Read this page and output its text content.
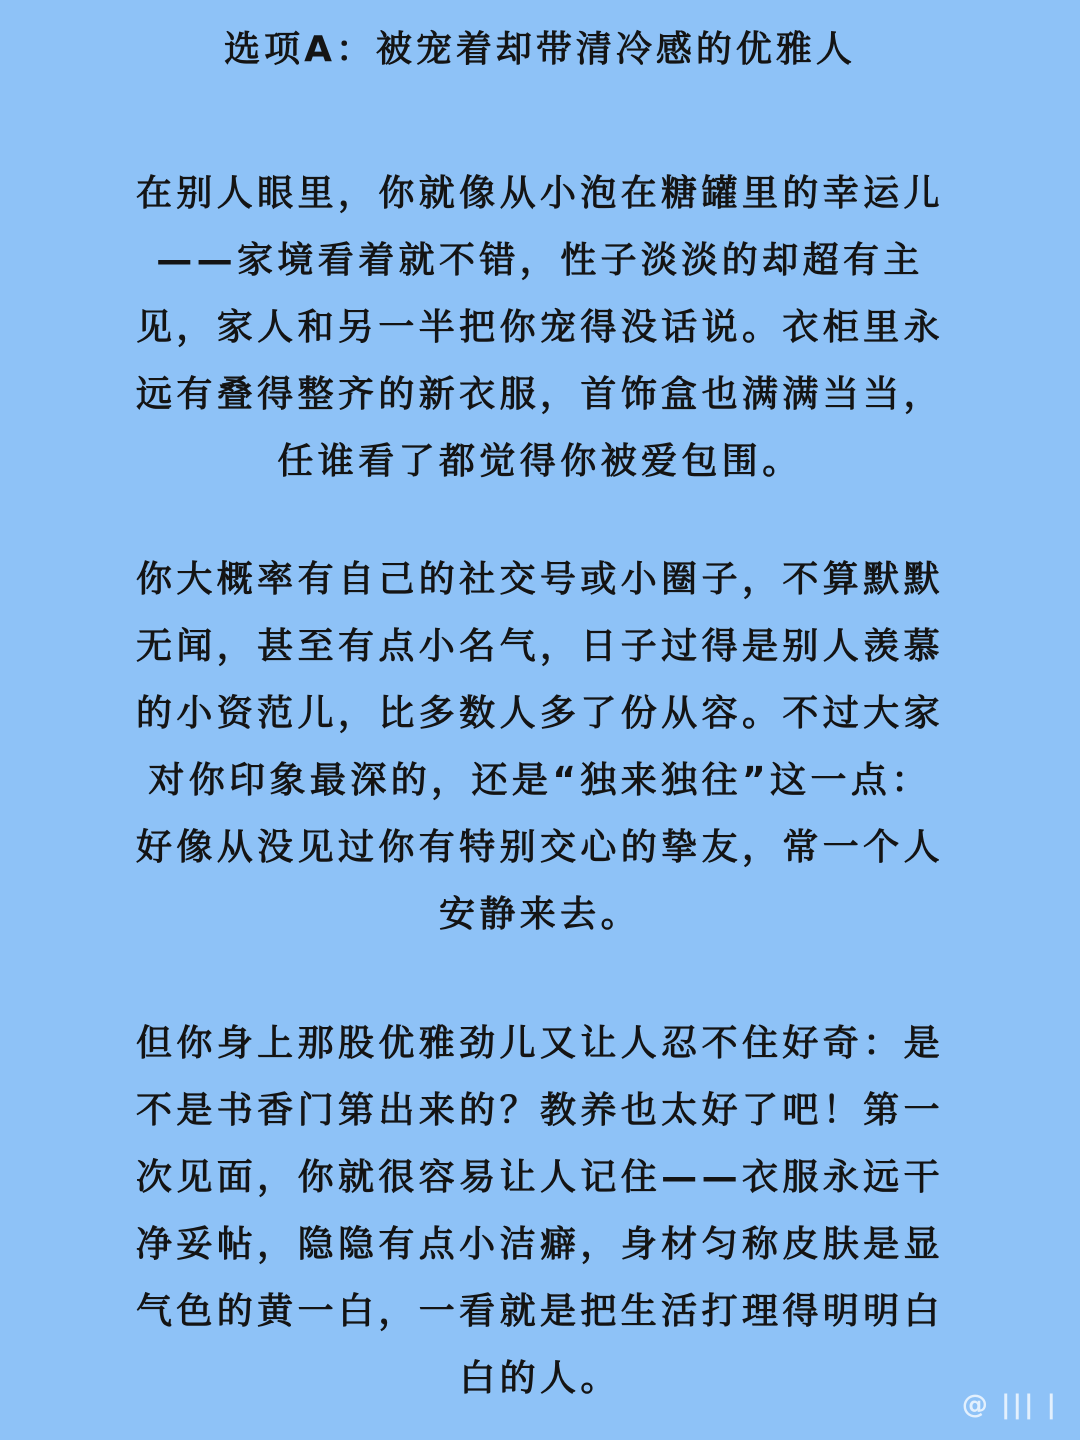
选项A：被宠着却带清冷感的优雅人
在别人眼里，你就像从小泡在糖罐里的幸运儿
——家境看着就不错，性子淡淡的却超有主
见，家人和另一半把你宠得没话说。衣柜里永
远有叠得整齐的新衣服，首饰盒也满满当当，
任谁看了都觉得你被爱包围。
你大概率有自己的社交号或小圈子，不算默默
无闻，甚至有点小名气，日子过得是别人羡慕
的小资范儿，比多数人多了份从容。不过大家
对你印象最深的，还是“独来独往”这一点：
好像从没见过你有特别交心的挚友，常一个人
安静来去。
但你身上那股优雅劲儿又让人忍不住好奇：是
不是书香门第出来的？教养也太好了吧！第一
次见面，你就很容易让人记住——衣服永远干
净妥帖，隐隐有点小洁癖，身材匀称皮肤是显
气色的黄一白，一看就是把生活打理得明明白
白的人。
@ ||| |
